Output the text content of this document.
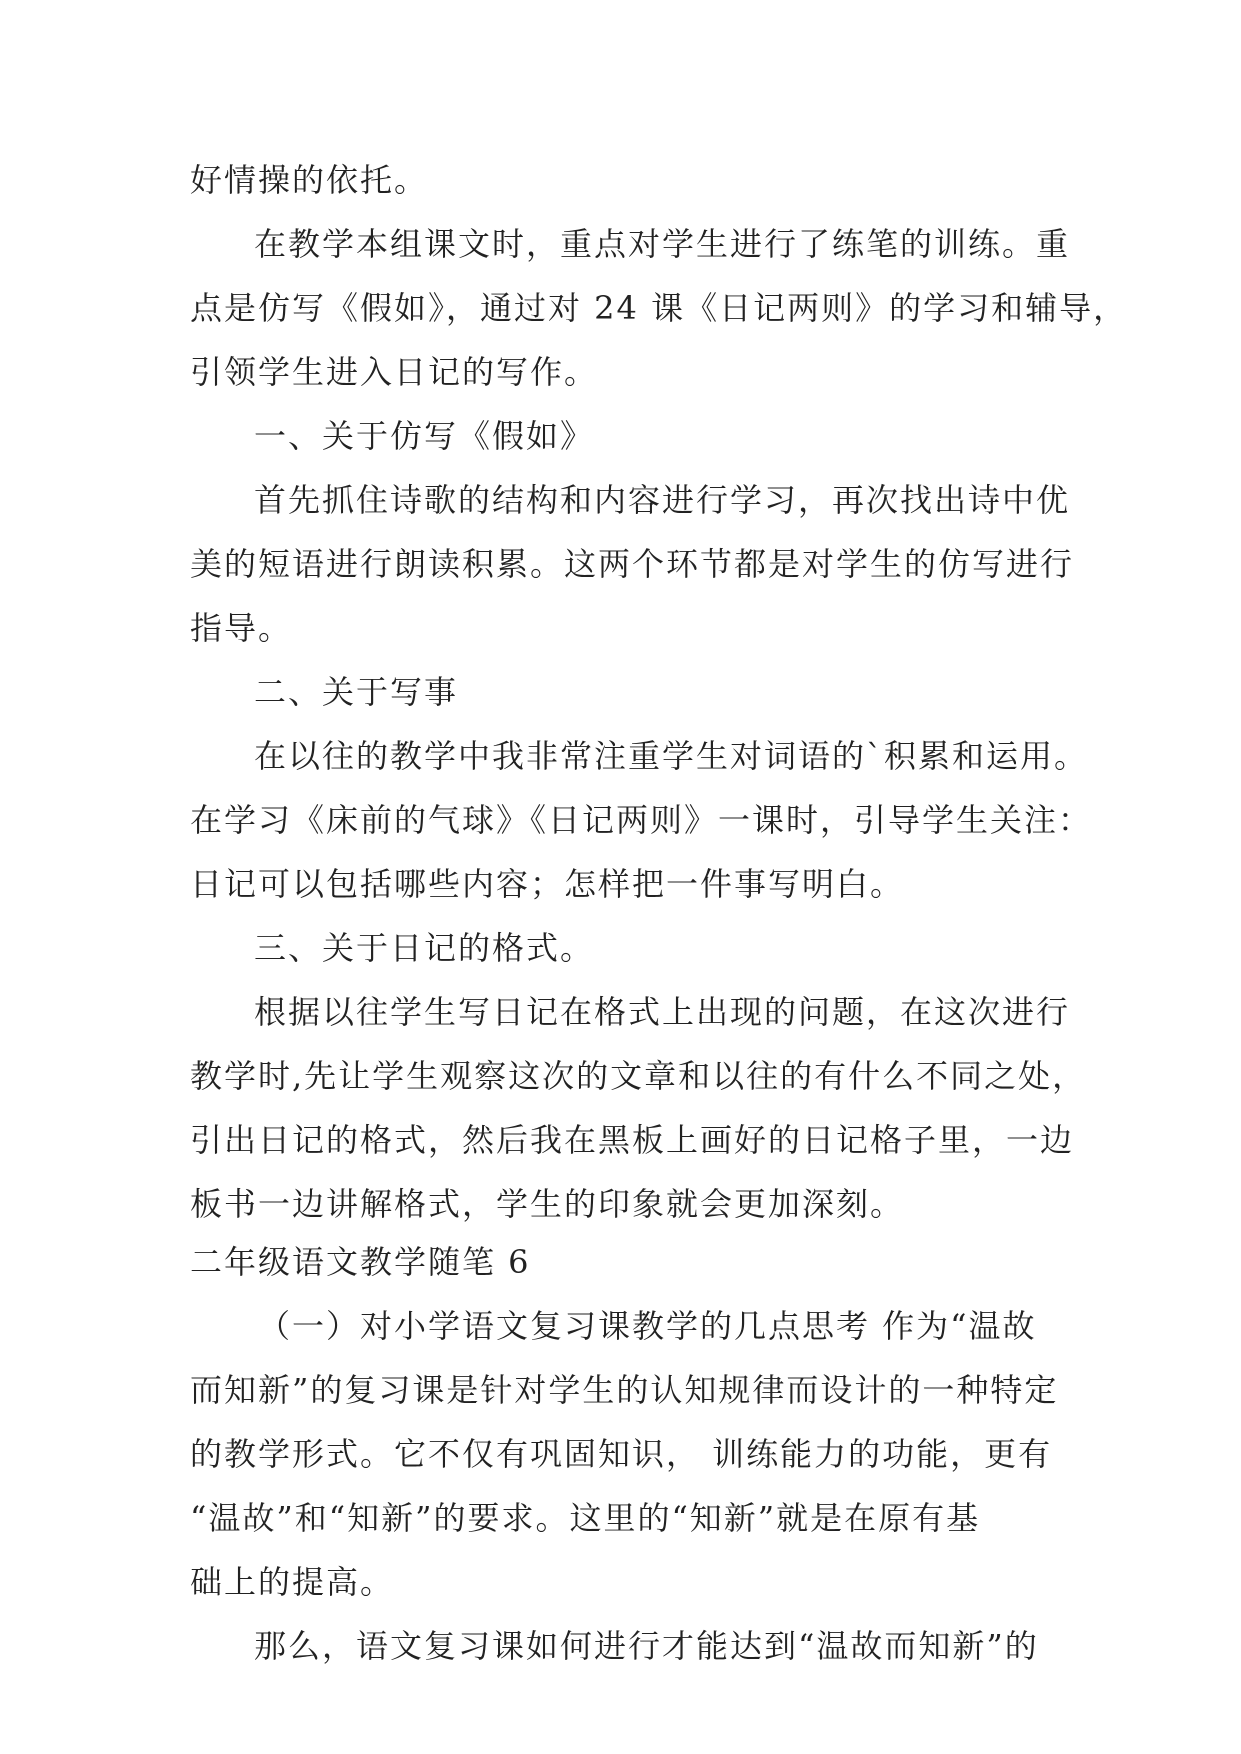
好情操的依托。
在教学本组课文时，重点对学生进行了练笔的训练。重
点是仿写《假如》，通过对 24 课《日记两则》的学习和辅导，
引领学生进入日记的写作。
一、关于仿写《假如》
首先抓住诗歌的结构和内容进行学习，再次找出诗中优
美的短语进行朗读积累。这两个环节都是对学生的仿写进行
指导。
二、关于写事
在以往的教学中我非常注重学生对词语的`积累和运用。
在学习《床前的气球》《日记两则》一课时，引导学生关注：
日记可以包括哪些内容；怎样把一件事写明白。
三、关于日记的格式。
根据以往学生写日记在格式上出现的问题，在这次进行
教学时,先让学生观察这次的文章和以往的有什么不同之处，
引出日记的格式，然后我在黑板上画好的日记格子里，一边
板书一边讲解格式，学生的印象就会更加深刻。
二年级语文教学随笔 6
（一）对小学语文复习课教学的几点思考 作为“温故
而知新”的复习课是针对学生的认知规律而设计的一种特定
的教学形式。它不仅有巩固知识， 训练能力的功能，更有
“温故”和“知新”的要求。这里的“知新”就是在原有基
础上的提高。
那么，语文复习课如何进行才能达到“温故而知新”的
